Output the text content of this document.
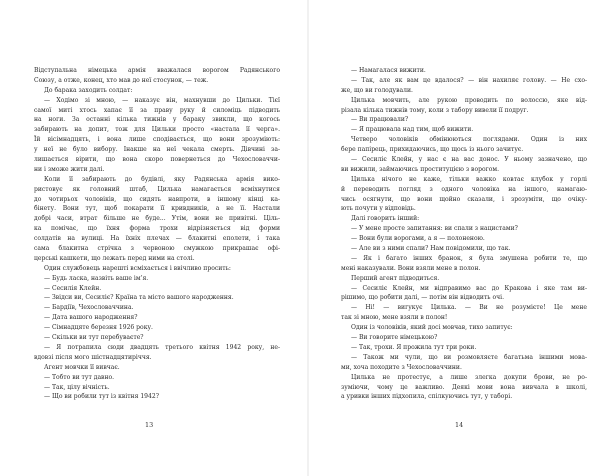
Відступальна німецька армія вважалася ворогом Радянського
Союзу, а отже, конец, хто мав до неї стосунок, — теж.
До барака заходить солдат:
— Ходімо зі мною, — наказує він, махнувши до Цильки. Тієї
самої миті хтось хапає її за праву руку й силоміць підводить
на ноги. За останні кілька тижнів у бараку звикли, що когось
забирають на допит, тож для Цильки просто «настала її черга».
Їй вісімнадцять, і вона лише сподівається, що вони зрозуміють:
у неї не було вибору. Інакше на неї чекала смерть. Дівчині за-
лишається вірити, що вона скоро повернеться до Чехословаччи-
ни і зможе жити далі.
Коли її забирають до будівлі, яку Радянська армія вико-
ристовує як головний штаб, Цилька намагається всміхнутися
до чотирьох чоловіків, що сидять навпроти, в іншому кінці ка-
бінету. Вони тут, щоб покарати її кривдників, а не її. Настали
добрі часи, втрат більше не буде... Утім, вони не привітні. Ціль-
ка помічає, що їхня форма трохи відрізняється від форми
солдатів на вулиці. На їхніх плечах — блакитні еполети, і така
сама блакитна стрічка з червоною смужкою прикрашає офі-
церські кашкети, що лежать перед ними на столі.
Один службовець нарешті всміхається і ввічливо просить:
— Будь ласка, назвіть ваше ім’я.
— Сесилія Клейн.
— Звідси ви, Сесиліє? Країна та місто вашого народження.
— Бардіїв, Чехословаччина.
— Дата вашого народження?
— Сімнадцяте березня 1926 року.
— Скільки ви тут перебуваєте?
— Я потрапила сюди двадцять третього квітня 1942 року, не-
вдовзі після мого шістнадцятиріччя.
Агент мовчки її вивчає.
— Тобто ви тут давно.
— Так, цілу вічність.
— Що ви робили тут із квітня 1942?
— Намагалася вижити.
— Так, але як вам це вдалося? — він нахиляє голову. — Не схо-
же, що ви голодували.
Цилька мовчить, але рукою проводить по волоссю, яке від-
різала кілька тижнів тому, коли з табору вивели її подруг.
— Ви працювали?
— Я працювала над тим, щоб вижити.
Четверо чоловіків обмінюються поглядами. Один із них
бере папірець, прихидаючись, що щось із нього зачитує.
— Сесиліє Клейн, у нас є на вас донос. У ньому зазначено, що
ви вижили, займаючись проституцією з ворогом.
Цилька нічого не каже, тільки важко ковтає клубок у горлі
й переводить погляд з одного чоловіка на іншого, намагаю-
чись осягнути, що вони щойно сказали, і зрозуміти, що очіку-
ють почути у відповідь.
Далі говорить інший:
— У мене просте запитання: ви спали з нацистами?
— Вони були ворогами, а я — полоненою.
— Але ви з ними спали? Нам повідомили, що так.
— Як і багато інших бранок, я була змушена робити те, що
мені наказували. Вони взяли мене в полон.
Перший агент підводиться.
— Сесиліє Клейн, ми відправимо вас до Кракова і яке там ви-
рішимо, що робити далі, — потім він відводить очі.
— Ні! — вигукує Цилька. — Ви не розумієте! Це мене
так зі мною, мене взяли в полон!
Один із чоловіків, який досі мовчав, тихо запитує:
— Ви говорите німецькою?
— Так, трохи. Я прожила тут три роки.
— Також ми чули, що ви розмовляєте багатьма іншими мова-
ми, хоча походите з Чехословаччини.
Цилька не протестує, а лише злегка докупи брови, не ро-
зуміючи, чому це важливо. Деякі мови вона вивчала в школі,
а уривки інших підхопила, спілкуючись тут, у таборі.
13	14
